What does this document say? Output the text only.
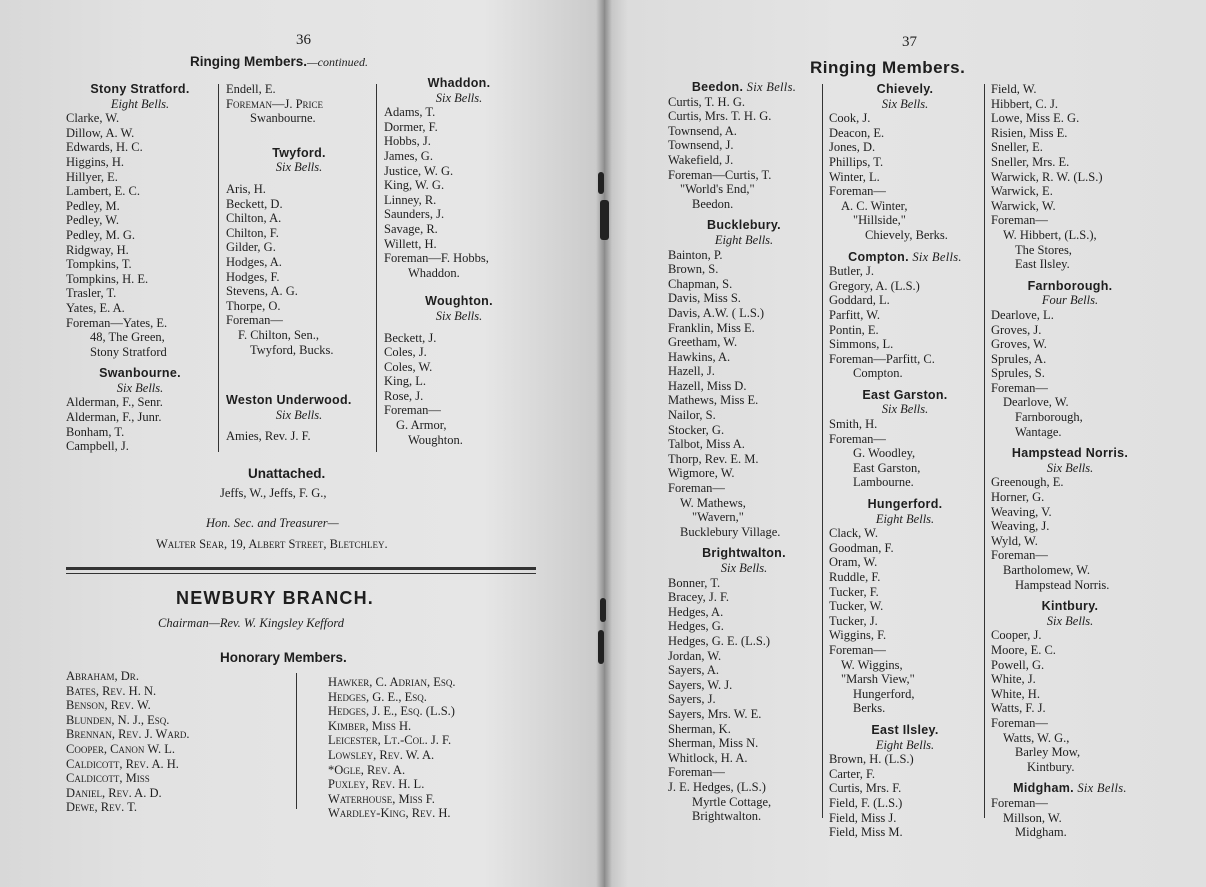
36
Ringing Members.—continued.
Stony Stratford.
Eight Bells.
Clarke, W.
Dillow, A. W.
Edwards, H. C.
Higgins, H.
Hillyer, E.
Lambert, E. C.
Pedley, M.
Pedley, W.
Pedley, M. G.
Ridgway, H.
Tompkins, T.
Tompkins, H. E.
Trasler, T.
Yates, E. A.
Foreman—Yates, E.
48, The Green,
Stony Stratford
Swanbourne.
Six Bells.
Alderman, F., Senr.
Alderman, F., Junr.
Bonham, T.
Campbell, J.
Endell, E.
Foreman—J. Price
Swanbourne.
Twyford.
Six Bells.
Aris, H.
Beckett, D.
Chilton, A.
Chilton, F.
Gilder, G.
Hodges, A.
Hodges, F.
Stevens, A. G.
Thorpe, O.
Foreman—
F. Chilton, Sen.,
Twyford, Bucks.
Weston Underwood.
Six Bells.
Amies, Rev. J. F.
Whaddon.
Six Bells.
Adams, T.
Dormer, F.
Hobbs, J.
James, G.
Justice, W. G.
King, W. G.
Linney, R.
Saunders, J.
Savage, R.
Willett, H.
Foreman—F. Hobbs,
Whaddon.
Woughton.
Six Bells.
Beckett, J.
Coles, J.
Coles, W.
King, L.
Rose, J.
Foreman—
G. Armor,
Woughton.
Unattached.
Jeffs, W., Jeffs, F. G.,
Hon. Sec. and Treasurer—
Walter Sear, 19, Albert Street, Bletchley.
NEWBURY BRANCH.
Chairman—Rev. W. Kingsley Kefford
Honorary Members.
Abraham, Dr.
Bates, Rev. H. N.
Benson, Rev. W.
Blunden, N. J., Esq.
Brennan, Rev. J. Ward.
Cooper, Canon W. L.
Caldicott, Rev. A. H.
Caldicott, Miss
Daniel, Rev. A. D.
Dewe, Rev. T.
Hawker, C. Adrian, Esq.
Hedges, G. E., Esq.
Hedges, J. E., Esq. (L.S.)
Kimber, Miss H.
Leicester, Lt.-Col. J. F.
Lowsley, Rev. W. A.
*Ogle, Rev. A.
Puxley, Rev. H. L.
Waterhouse, Miss F.
Wardley-King, Rev. H.
37
Ringing Members.
Beedon. Six Bells.
Curtis, T. H. G.
Curtis, Mrs. T. H. G.
Townsend, A.
Townsend, J.
Wakefield, J.
Foreman—Curtis, T.
"World's End,"
Beedon.
Bucklebury.
Eight Bells.
Bainton, P.
Brown, S.
Chapman, S.
Davis, Miss S.
Davis, A.W. ( L.S.)
Franklin, Miss E.
Greetham, W.
Hawkins, A.
Hazell, J.
Hazell, Miss D.
Mathews, Miss E.
Nailor, S.
Stocker, G.
Talbot, Miss A.
Thorp, Rev. E. M.
Wigmore, W.
Foreman—
W. Mathews,
"Wavern,"
Bucklebury Village.
Brightwalton.
Six Bells.
Bonner, T.
Bracey, J. F.
Hedges, A.
Hedges, G.
Hedges, G. E. (L.S.)
Jordan, W.
Sayers, A.
Sayers, W. J.
Sayers, J.
Sayers, Mrs. W. E.
Sherman, K.
Sherman, Miss N.
Whitlock, H. A.
Foreman—
J. E. Hedges, (L.S.)
Myrtle Cottage,
Brightwalton.
Chievely.
Six Bells.
Cook, J.
Deacon, E.
Jones, D.
Phillips, T.
Winter, L.
Foreman—
A. C. Winter,
"Hillside,"
Chievely, Berks.
Compton. Six Bells.
Butler, J.
Gregory, A. (L.S.)
Goddard, L.
Parfitt, W.
Pontin, E.
Simmons, L.
Foreman—Parfitt, C.
Compton.
East Garston.
Six Bells.
Smith, H.
Foreman—
G. Woodley,
East Garston,
Lambourne.
Hungerford.
Eight Bells.
Clack, W.
Goodman, F.
Oram, W.
Ruddle, F.
Tucker, F.
Tucker, W.
Tucker, J.
Wiggins, F.
Foreman—
W. Wiggins,
"Marsh View,"
Hungerford,
Berks.
East Ilsley.
Eight Bells.
Brown, H. (L.S.)
Carter, F.
Curtis, Mrs. F.
Field, F. (L.S.)
Field, Miss J.
Field, Miss M.
Field, W.
Hibbert, C. J.
Lowe, Miss E. G.
Risien, Miss E.
Sneller, E.
Sneller, Mrs. E.
Warwick, R. W. (L.S.)
Warwick, E.
Warwick, W.
Foreman—
W. Hibbert, (L.S.),
The Stores,
East Ilsley.
Farnborough.
Four Bells.
Dearlove, L.
Groves, J.
Groves, W.
Sprules, A.
Sprules, S.
Foreman—
Dearlove, W.
Farnborough,
Wantage.
Hampstead Norris.
Six Bells.
Greenough, E.
Horner, G.
Weaving, V.
Weaving, J.
Wyld, W.
Foreman—
Bartholomew, W.
Hampstead Norris.
Kintbury.
Six Bells.
Cooper, J.
Moore, E. C.
Powell, G.
White, J.
White, H.
Watts, F. J.
Foreman—
Watts, W. G.,
Barley Mow,
Kintbury.
Midgham. Six Bells.
Foreman—
Millson, W.
Midgham.
